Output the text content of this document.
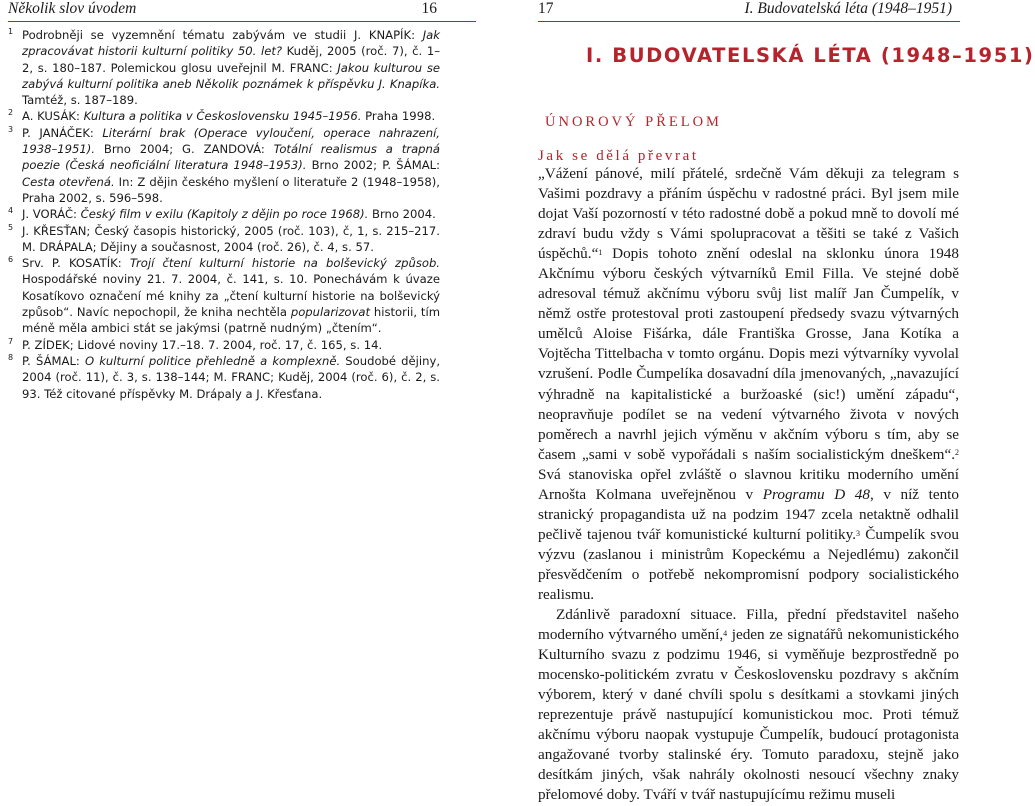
Několik slov úvodem	16
1 Podrobněji se vyzemnění tématu zabývám ve studii J. KNAPÍK: Jak zpracovávat historii kulturní politiky 50. let? Kuděj, 2005 (roč. 7), č. 1–2, s. 180–187. Polemickou glosu uveřejnil M. FRANC: Jakou kulturou se zabývá kulturní politika aneb Několik poznámek k příspěvku J. Knapíka. Tamtéž, s. 187–189.
2 A. KUSÁK: Kultura a politika v Československu 1945–1956. Praha 1998.
3 P. JANÁČEK: Literární brak (Operace vyloučení, operace nahrazení, 1938–1951). Brno 2004; G. ZANDOVÁ: Totální realismus a trapná poezie (Česká neoficiální literatura 1948–1953). Brno 2002; P. ŠÁMAL: Cesta otevřená. In: Z dějin českého myšlení o literatuře 2 (1948–1958), Praha 2002, s. 596–598.
4 J. VORÁČ: Český film v exilu (Kapitoly z dějin po roce 1968). Brno 2004.
5 J. KŘESŤAN; Český časopis historický, 2005 (roč. 103), č, 1, s. 215–217. M. DRÁPALA; Dějiny a současnost, 2004 (roč. 26), č. 4, s. 57.
6 Srv. P. KOSATÍK: Trojí čtení kulturní historie na bolševický způsob. Hospodářské noviny 21. 7. 2004, č. 141, s. 10. Ponechávám k úvaze Kosatíkovo označení mé knihy za „čtení kulturní historie na bolševický způsob“. Navíc nepochopil, že kniha nechtěla popularizovat historii, tím méně měla ambici stát se jakýmsi (patrně nudným) „čtením“.
7 P. ZÍDEK; Lidové noviny 17.–18. 7. 2004, roč. 17, č. 165, s. 14.
8 P. ŠÁMAL: O kulturní politice přehledně a komplexně. Soudobé dějiny, 2004 (roč. 11), č. 3, s. 138–144; M. FRANC; Kuděj, 2004 (roč. 6), č. 2, s. 93. Též citované příspěvky M. Drápaly a J. Křesťana.
17	I. Budovatelská léta (1948–1951)
I. BUDOVATELSKÁ LÉTA (1948–1951)
ÚNOROVÝ PŘELOM
Jak se dělá převrat

„Vážení pánové, milí přátelé, srdečně Vám děkuji za telegram s Vašimi pozdravy a přáním úspěchu v radostné práci. Byl jsem mile dojat Vaší pozorností v této radostné době a pokud mně to dovolí mé zdraví budu vždy s Vámi spolupracovat a těšiti se také z Vašich úspěchů.“$^1$ Dopis tohoto znění odeslal na sklonku února 1948 Akčnímu výboru českých výtvarníků Emil Filla. Ve stejné době adresoval témuž akčnímu výboru svůj list malíř Jan Čumpelík, v němž ostře protestoval proti zastoupení předsedy svazu výtvarných umělců Aloise Fišárka, dále Františka Grosse, Jana Kotíka a Vojtěcha Tittelbacha v tomto orgánu. Dopis mezi výtvarníky vyvolal vzrušení. Podle Čumpelíka dosavadní díla jmenovaných, „navazující výhradně na kapitalistické a buržoaské (sic!) umění západu“, neopravňuje podílet se na vedení výtvarného života v nových poměrech a navrhl jejich výměnu v akčním výboru s tím, aby se časem „sami v sobě vypořádali s naším socialistickým dneškem“.$^2$ Svá stanoviska opřel zvláště o slavnou kritiku moderního umění Arnošta Kolmana uveřejněnou v Programu D 48, v níž tento stranický propagandista už na podzim 1947 zcela netaktně odhalil pečlivě tajenou tvář komunistické kulturní politiky.$^3$ Čumpelík svou výzvu (zaslanou i ministrům Kopeckému a Nejedlému) zakončil přesvědčením o potřebě nekompromisní podpory socialistického realismu.

Zdánlivě paradoxní situace. Filla, přední představitel našeho moderního výtvarného umění,$^4$ jeden ze signatářů nekomunistického Kulturního svazu z podzimu 1946, si vyměňuje bezprostředně po mocensko-politickém zvratu v Československu pozdravy s akčním výborem, který v dané chvíli spolu s desítkami a stovkami jiných reprezentuje právě nastupující komunistickou moc. Proti témuž akčnímu výboru naopak vystupuje Čumpelík, budoucí protagonista angažované tvorby stalinské éry. Tomuto paradoxu, stejně jako desítkám jiných, však nahrály okolnosti nesoucí všechny znaky přelomové doby. Tváří v tvář nastupujícímu režimu museli
